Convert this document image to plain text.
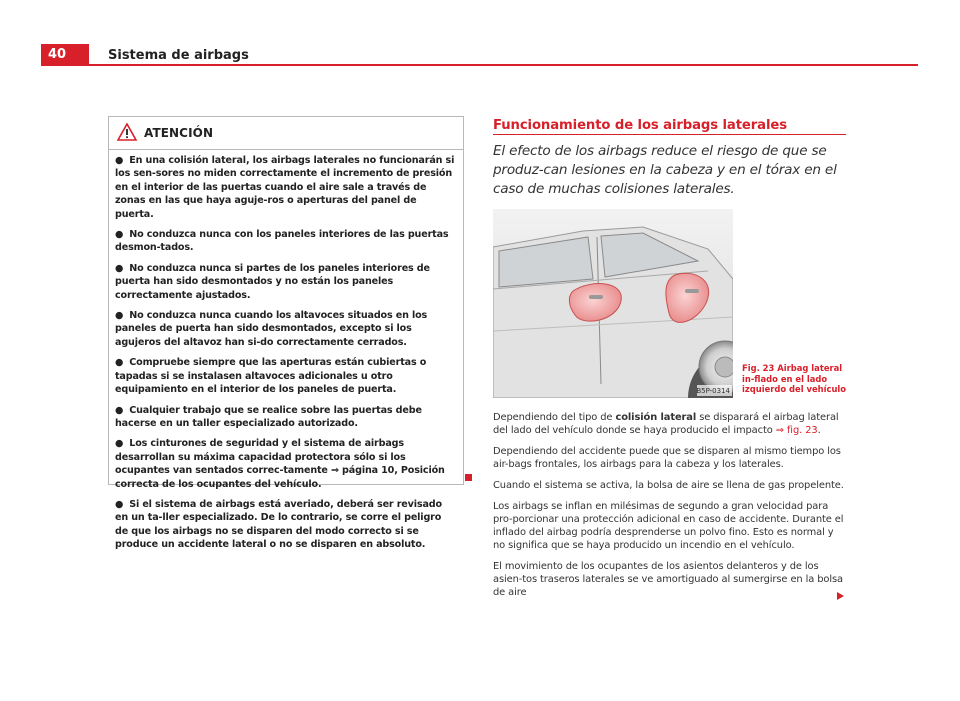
40	Sistema de airbags
ATENCIÓN
● En una colisión lateral, los airbags laterales no funcionarán si los sen-sores no miden correctamente el incremento de presión en el interior de las puertas cuando el aire sale a través de zonas en las que haya aguje-ros o aperturas del panel de puerta.
● No conduzca nunca con los paneles interiores de las puertas desmon-tados.
● No conduzca nunca si partes de los paneles interiores de puerta han sido desmontados y no están los paneles correctamente ajustados.
● No conduzca nunca cuando los altavoces situados en los paneles de puerta han sido desmontados, excepto si los agujeros del altavoz han si-do correctamente cerrados.
● Compruebe siempre que las aperturas están cubiertas o tapadas si se instalasen altavoces adicionales u otro equipamiento en el interior de los paneles de puerta.
● Cualquier trabajo que se realice sobre las puertas debe hacerse en un taller especializado autorizado.
● Los cinturones de seguridad y el sistema de airbags desarrollan su máxima capacidad protectora sólo si los ocupantes van sentados correc-tamente ⇒ página 10, Posición correcta de los ocupantes del vehículo.
● Si el sistema de airbags está averiado, deberá ser revisado en un ta-ller especializado. De lo contrario, se corre el peligro de que los airbags no se disparen del modo correcto si se produce un accidente lateral o no se disparen en absoluto.
Funcionamiento de los airbags laterales
El efecto de los airbags reduce el riesgo de que se produz-can lesiones en la cabeza y en el tórax en el caso de muchas colisiones laterales.
B5P-0314
Fig. 23 Airbag lateral in-flado en el lado izquierdo del vehículo

Dependiendo del tipo de colisión lateral se disparará el airbag lateral del lado del vehículo donde se haya producido el impacto ⇒ fig. 23.

Dependiendo del accidente puede que se disparen al mismo tiempo los air-bags frontales, los airbags para la cabeza y los laterales.

Cuando el sistema se activa, la bolsa de aire se llena de gas propelente.

Los airbags se inflan en milésimas de segundo a gran velocidad para pro-porcionar una protección adicional en caso de accidente. Durante el inflado del airbag podría desprenderse un polvo fino. Esto es normal y no significa que se haya producido un incendio en el vehículo.

El movimiento de los ocupantes de los asientos delanteros y de los asien-tos traseros laterales se ve amortiguado al sumergirse en la bolsa de aire
